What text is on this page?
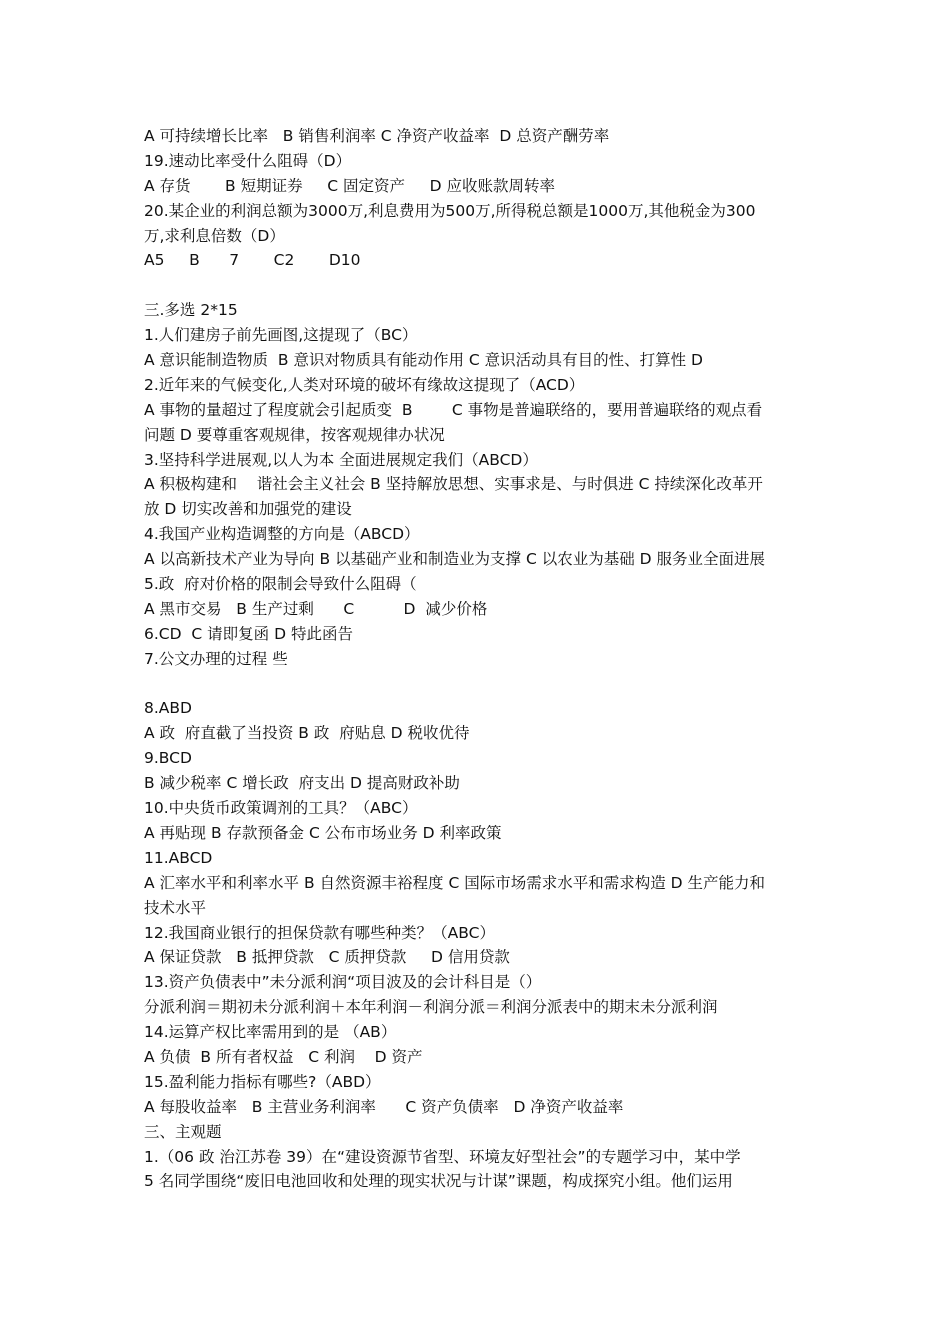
A 可持续增长比率   B 销售利润率 C 净资产收益率  D 总资产酬劳率
19.速动比率受什么阻碍（D）
A 存货       B 短期证券     C 固定资产     D 应收账款周转率
20.某企业的利润总额为3000万,利息费用为500万,所得税总额是1000万,其他税金为300
万,求利息倍数（D）
A5     B      7       C2       D10
三.多选 2*15
1.人们建房子前先画图,这提现了（BC）
A 意识能制造物质  B 意识对物质具有能动作用 C 意识活动具有目的性、打算性 D
2.近年来的气候变化,人类对环境的破坏有缘故这提现了（ACD）
A 事物的量超过了程度就会引起质变  B        C 事物是普遍联络的，要用普遍联络的观点看
问题 D 要尊重客观规律，按客观规律办状况
3.坚持科学进展观,以人为本 全面进展规定我们（ABCD）
A 积极构建和    谐社会主义社会 B 坚持解放思想、实事求是、与时俱进 C 持续深化改革开
放 D 切实改善和加强党的建设
4.我国产业构造调整的方向是（ABCD）
A 以高新技术产业为导向 B 以基础产业和制造业为支撑 C 以农业为基础 D 服务业全面进展
5.政  府对价格的限制会导致什么阻碍（
A 黑市交易   B 生产过剩      C          D  减少价格
6.CD  C 请即复函 D 特此函告
7.公文办理的过程 些
8.ABD
A 政  府直截了当投资 B 政  府贴息 D 税收优待
9.BCD
B 减少税率 C 增长政  府支出 D 提高财政补助
10.中央货币政策调剂的工具？（ABC）
A 再贴现 B 存款预备金 C 公布市场业务 D 利率政策
11.ABCD
A 汇率水平和利率水平 B 自然资源丰裕程度 C 国际市场需求水平和需求构造 D 生产能力和
技术水平
12.我国商业银行的担保贷款有哪些种类？（ABC）
A 保证贷款   B 抵押贷款   C 质押贷款     D 信用贷款
13.资产负债表中”未分派利润“项目波及的会计科目是（）
分派利润＝期初未分派利润＋本年利润－利润分派＝利润分派表中的期末未分派利润
14.运算产权比率需用到的是 （AB）
A 负债  B 所有者权益   C 利润    D 资产
15.盈利能力指标有哪些?（ABD）
A 每股收益率   B 主营业务利润率      C 资产负债率   D 净资产收益率
三、主观题
1.（06 政 治江苏卷 39）在“建设资源节省型、环境友好型社会”的专题学习中，某中学
5 名同学围绕“废旧电池回收和处理的现实状况与计谋”课题，构成探究小组。他们运用
